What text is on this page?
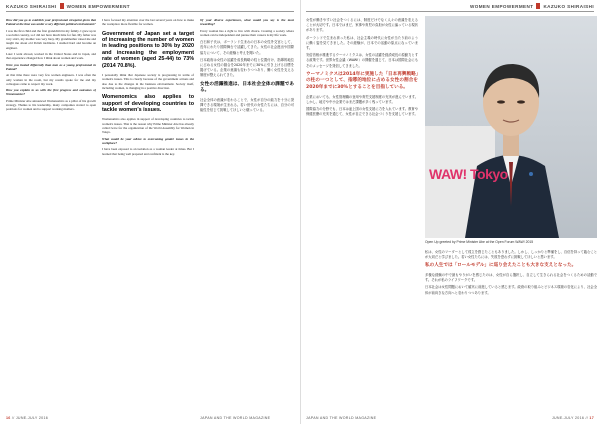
KAZUKO SHIRAISHI WOMEN EMPOWERMENT	WOMEN EMPOWERMENT KAZUKO SHIRAISHI
How did you go to establish your professional viewpoint given that Poland at the time was under a very different political environment?
I was the first child and the first grandchild in my family. I grew up in a socialist country, so I did not have much time for fun. My father was very strict, my mother was very busy. My grandmother raised me and taught me about old Polish traditions. I studied hard and became an engineer.
Later I went abroad, worked in the United States and in Japan, and that experience changed how I think about women and work.
Were you treated differently than men as a young professional in Poland?
At that time there were very few women engineers. I was often the only woman in the room, but my results spoke for me and my colleagues came to respect my work.
How you explain to us with the first progress and outcomes of Womenomics?
Prime Minister Abe announced Womenomics as a pillar of his growth strategy. Thanks to his leadership, many companies started to open positions for women and to support working mothers.
I have focused my attention over the last several years on how to make the workplace more flexible for women.
Government of Japan set a target of increasing the number of women in leading positions to 30% by 2020 and increasing the employment rate of women (aged 25-44) to 73% (2014 70.8%).
I personally think that Japanese society is progressing in terms of women's issues. This is clearly because of the government actions and also due to the changes in the business environment. Society itself, including women, is changing in a positive direction.
Womenomics also applies to support of developing countries to tackle women's issues.
Womenomics also applies in support of developing countries to tackle women's issues. That is the reason why Prime Minister Abe has already called twice for the organization of the World Assembly for Women in Tokyo.
What would be your advice to overcoming gender issues in the workplace?
I have been exposed to an isolation as a woman leader at times. But I learned that being well prepared and confident is the key.
Of your diverse experiences, what would you say is the most rewarding?
Every woman has a right to live with choice. Creating a society where women can be independent and pursue their careers is my life work.
白石和子氏は、ポーランド生まれの日本の女性外交官として、長年にわたり国際舞台で活躍してきた。女性の社会進出や国際協力について、その経験と考えを聞いた。
日本政府は女性の活躍を成長戦略の柱と位置付け、指導的地位に占める女性の割合を2020年までに30%に引き上げる目標を掲げている。企業の意識も変わりつつあり、働く女性を支える制度が整えられてきた。
女性の活躍推進は、日本社会全体の課題である。
社会全体の意識が変わることで、女性が自分の能力を十分に発揮できる環境が生まれる。若い世代の女性たちには、自分の可能性を信じて挑戦してほしいと願っている。
16 // JUNE-JULY 2016	JAPAN AND THE WORLD MAGAZINE
女性が働きやすい社会をつくるには、制度だけでなく人々の意識を変えることが大切です。日本ではまだ、家事や育児の負担が女性に偏っている現状があります。
ポーランドで生まれ育った私は、社会主義の時代に女性が当たり前のように働く姿を見てきました。その経験が、日本での活動の原点になっています。
安倍首相が推進するウーマノミクスは、女性の活躍を経済成長の原動力とする政策です。世界女性会議（WAW!）の開催を通じて、日本は国際社会にもそのメッセージを発信してきました。
ウーマノミクスは2014年に実施した「日本再興戦略」の柱の一つとして、指導的地位に占める女性の割合を2020年までに30%とすることを目指している。
企業においても、女性管理職の登用や育児支援制度の充実が進んでいます。しかし、地方や中小企業ではまだ課題が多く残っています。
国際協力の分野でも、日本は途上国の女性支援に力を入れています。教育や保健医療の充実を通じて、女性が自立できる社会づくりを支援しています。
WAW! Tokyo
Open Up greeted by Prime Minister Abe at the Open Forum WAW! 2015
私は、女性のリーダーとして孤立を感じたこともありました。しかし、しっかりと準備をし、自信を持って臨むことが大切だと学びました。若い女性たちには、失敗を恐れずに挑戦してほしいと思います。
私の人生では「ロールモデル」に巡り会えたことも大きな支えとなった。
多様な経験の中で最もやりがいを感じたのは、女性が自ら選択し、自立して生きられる社会をつくるための活動です。それが私のライフワークです。
日本社会は女性問題において確実に前進していると感じます。政府の取り組みとビジネス環境の変化により、社会全体が前向きな方向へと変わりつつあります。
JAPAN AND THE WORLD MAGAZINE	JUNE-JULY 2016 // 17
